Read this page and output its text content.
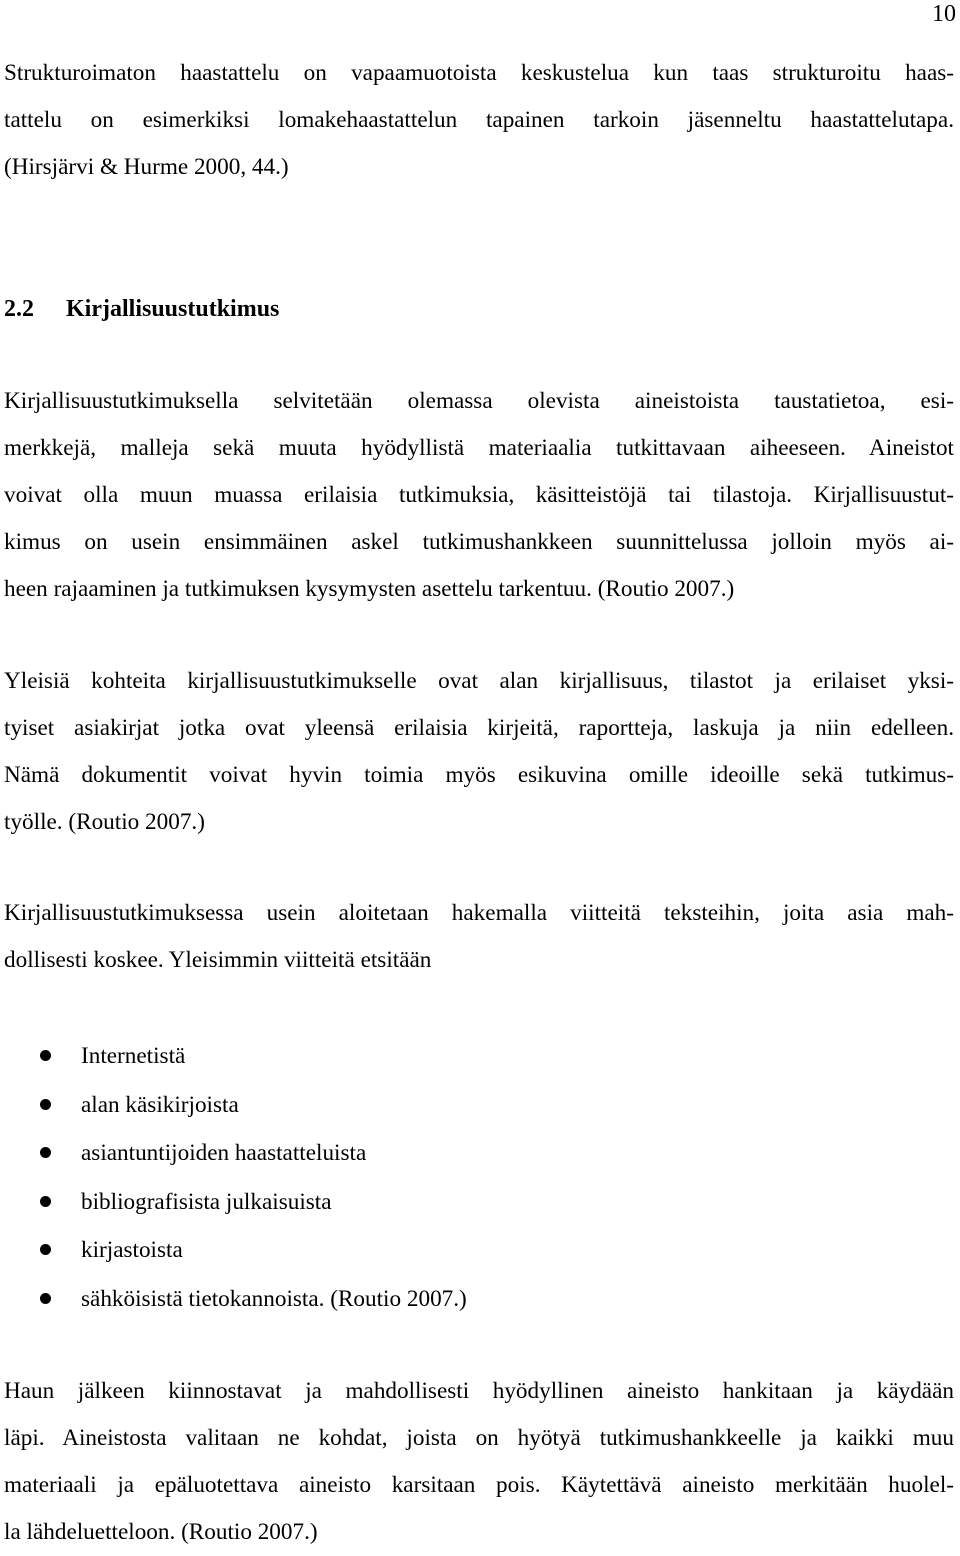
10
Strukturoimaton haastattelu on vapaamuotoista keskustelua kun taas strukturoitu haas-
tattelu on esimerkiksi lomakehaastattelun tapainen tarkoin jäsenneltu haastattelutapa.
(Hirsjärvi & Hurme 2000, 44.)
2.2 Kirjallisuustutkimus
Kirjallisuustutkimuksella selvitetään olemassa olevista aineistoista taustatietoa, esi-
merkkejä, malleja sekä muuta hyödyllistä materiaalia tutkittavaan aiheeseen. Aineistot
voivat olla muun muassa erilaisia tutkimuksia, käsitteistöjä tai tilastoja. Kirjallisuustut-
kimus on usein ensimmäinen askel tutkimushankkeen suunnittelussa jolloin myös ai-
heen rajaaminen ja tutkimuksen kysymysten asettelu tarkentuu. (Routio 2007.)
Yleisiä kohteita kirjallisuustutkimukselle ovat alan kirjallisuus, tilastot ja erilaiset yksi-
tyiset asiakirjat jotka ovat yleensä erilaisia kirjeitä, raportteja, laskuja ja niin edelleen.
Nämä dokumentit voivat hyvin toimia myös esikuvina omille ideoille sekä tutkimus-
työlle. (Routio 2007.)
Kirjallisuustutkimuksessa usein aloitetaan hakemalla viitteitä teksteihin, joita asia mah-
dollisesti koskee. Yleisimmin viitteitä etsitään
Internetistä
alan käsikirjoista
asiantuntijoiden haastatteluista
bibliografisista julkaisuista
kirjastoista
sähköisistä tietokannoista. (Routio 2007.)
Haun jälkeen kiinnostavat ja mahdollisesti hyödyllinen aineisto hankitaan ja käydään
läpi. Aineistosta valitaan ne kohdat, joista on hyötyä tutkimushankkeelle ja kaikki muu
materiaali ja epäluotettava aineisto karsitaan pois. Käytettävä aineisto merkitään huolel-
la lähdeluetteloon. (Routio 2007.)
